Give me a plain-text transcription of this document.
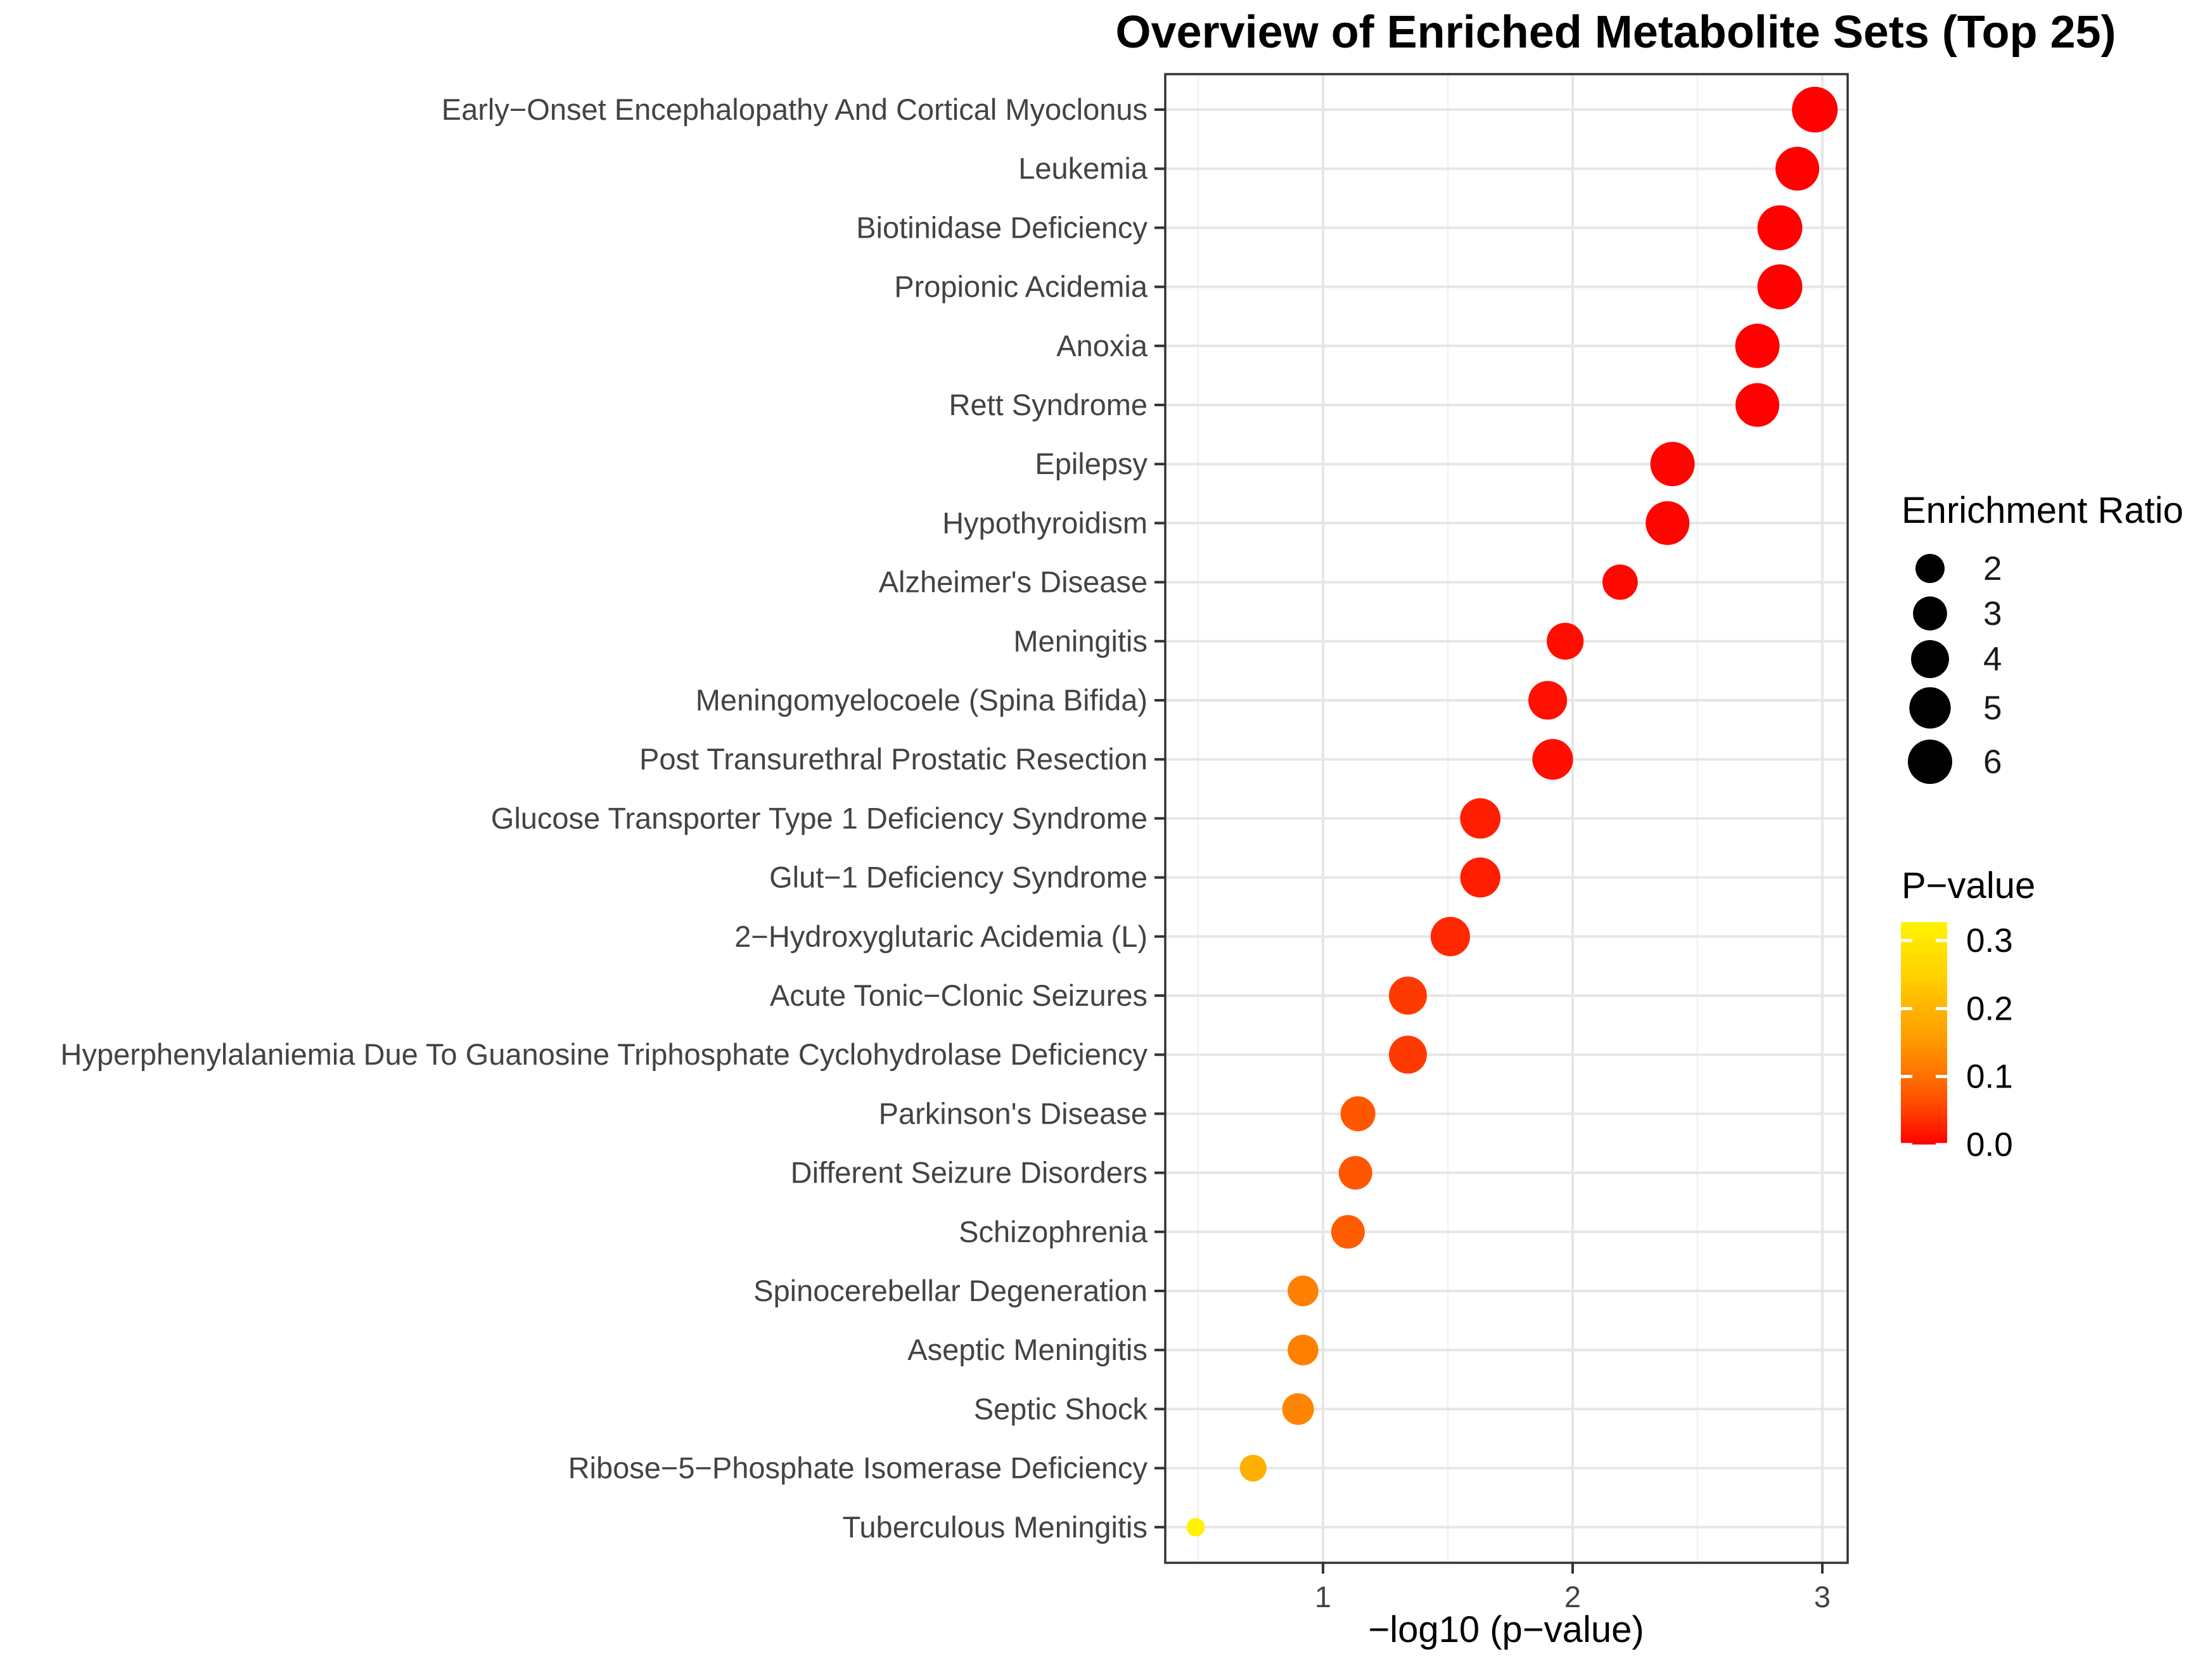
1	2	3
Early−Onset Encephalopathy And Cortical Myoclonus
Leukemia
Biotinidase Deficiency
Propionic Acidemia
Anoxia
Rett Syndrome
Epilepsy
Hypothyroidism
Alzheimer's Disease
Meningitis
Meningomyelocoele (Spina Bifida)
Post Transurethral Prostatic Resection
Glucose Transporter Type 1 Deficiency Syndrome
Glut−1 Deficiency Syndrome
2−Hydroxyglutaric Acidemia (L)
Acute Tonic−Clonic Seizures
Hyperphenylalaniemia Due To Guanosine Triphosphate Cyclohydrolase Deficiency
Parkinson's Disease
Different Seizure Disorders
Schizophrenia
Spinocerebellar Degeneration
Aseptic Meningitis
Septic Shock
Ribose−5−Phosphate Isomerase Deficiency
Tuberculous Meningitis
2
3
4
5
6
0.3
0.2
0.1
0.0
Overview of Enriched Metabolite Sets (Top 25)
−log10 (p−value)
Enrichment Ratio
P−value
